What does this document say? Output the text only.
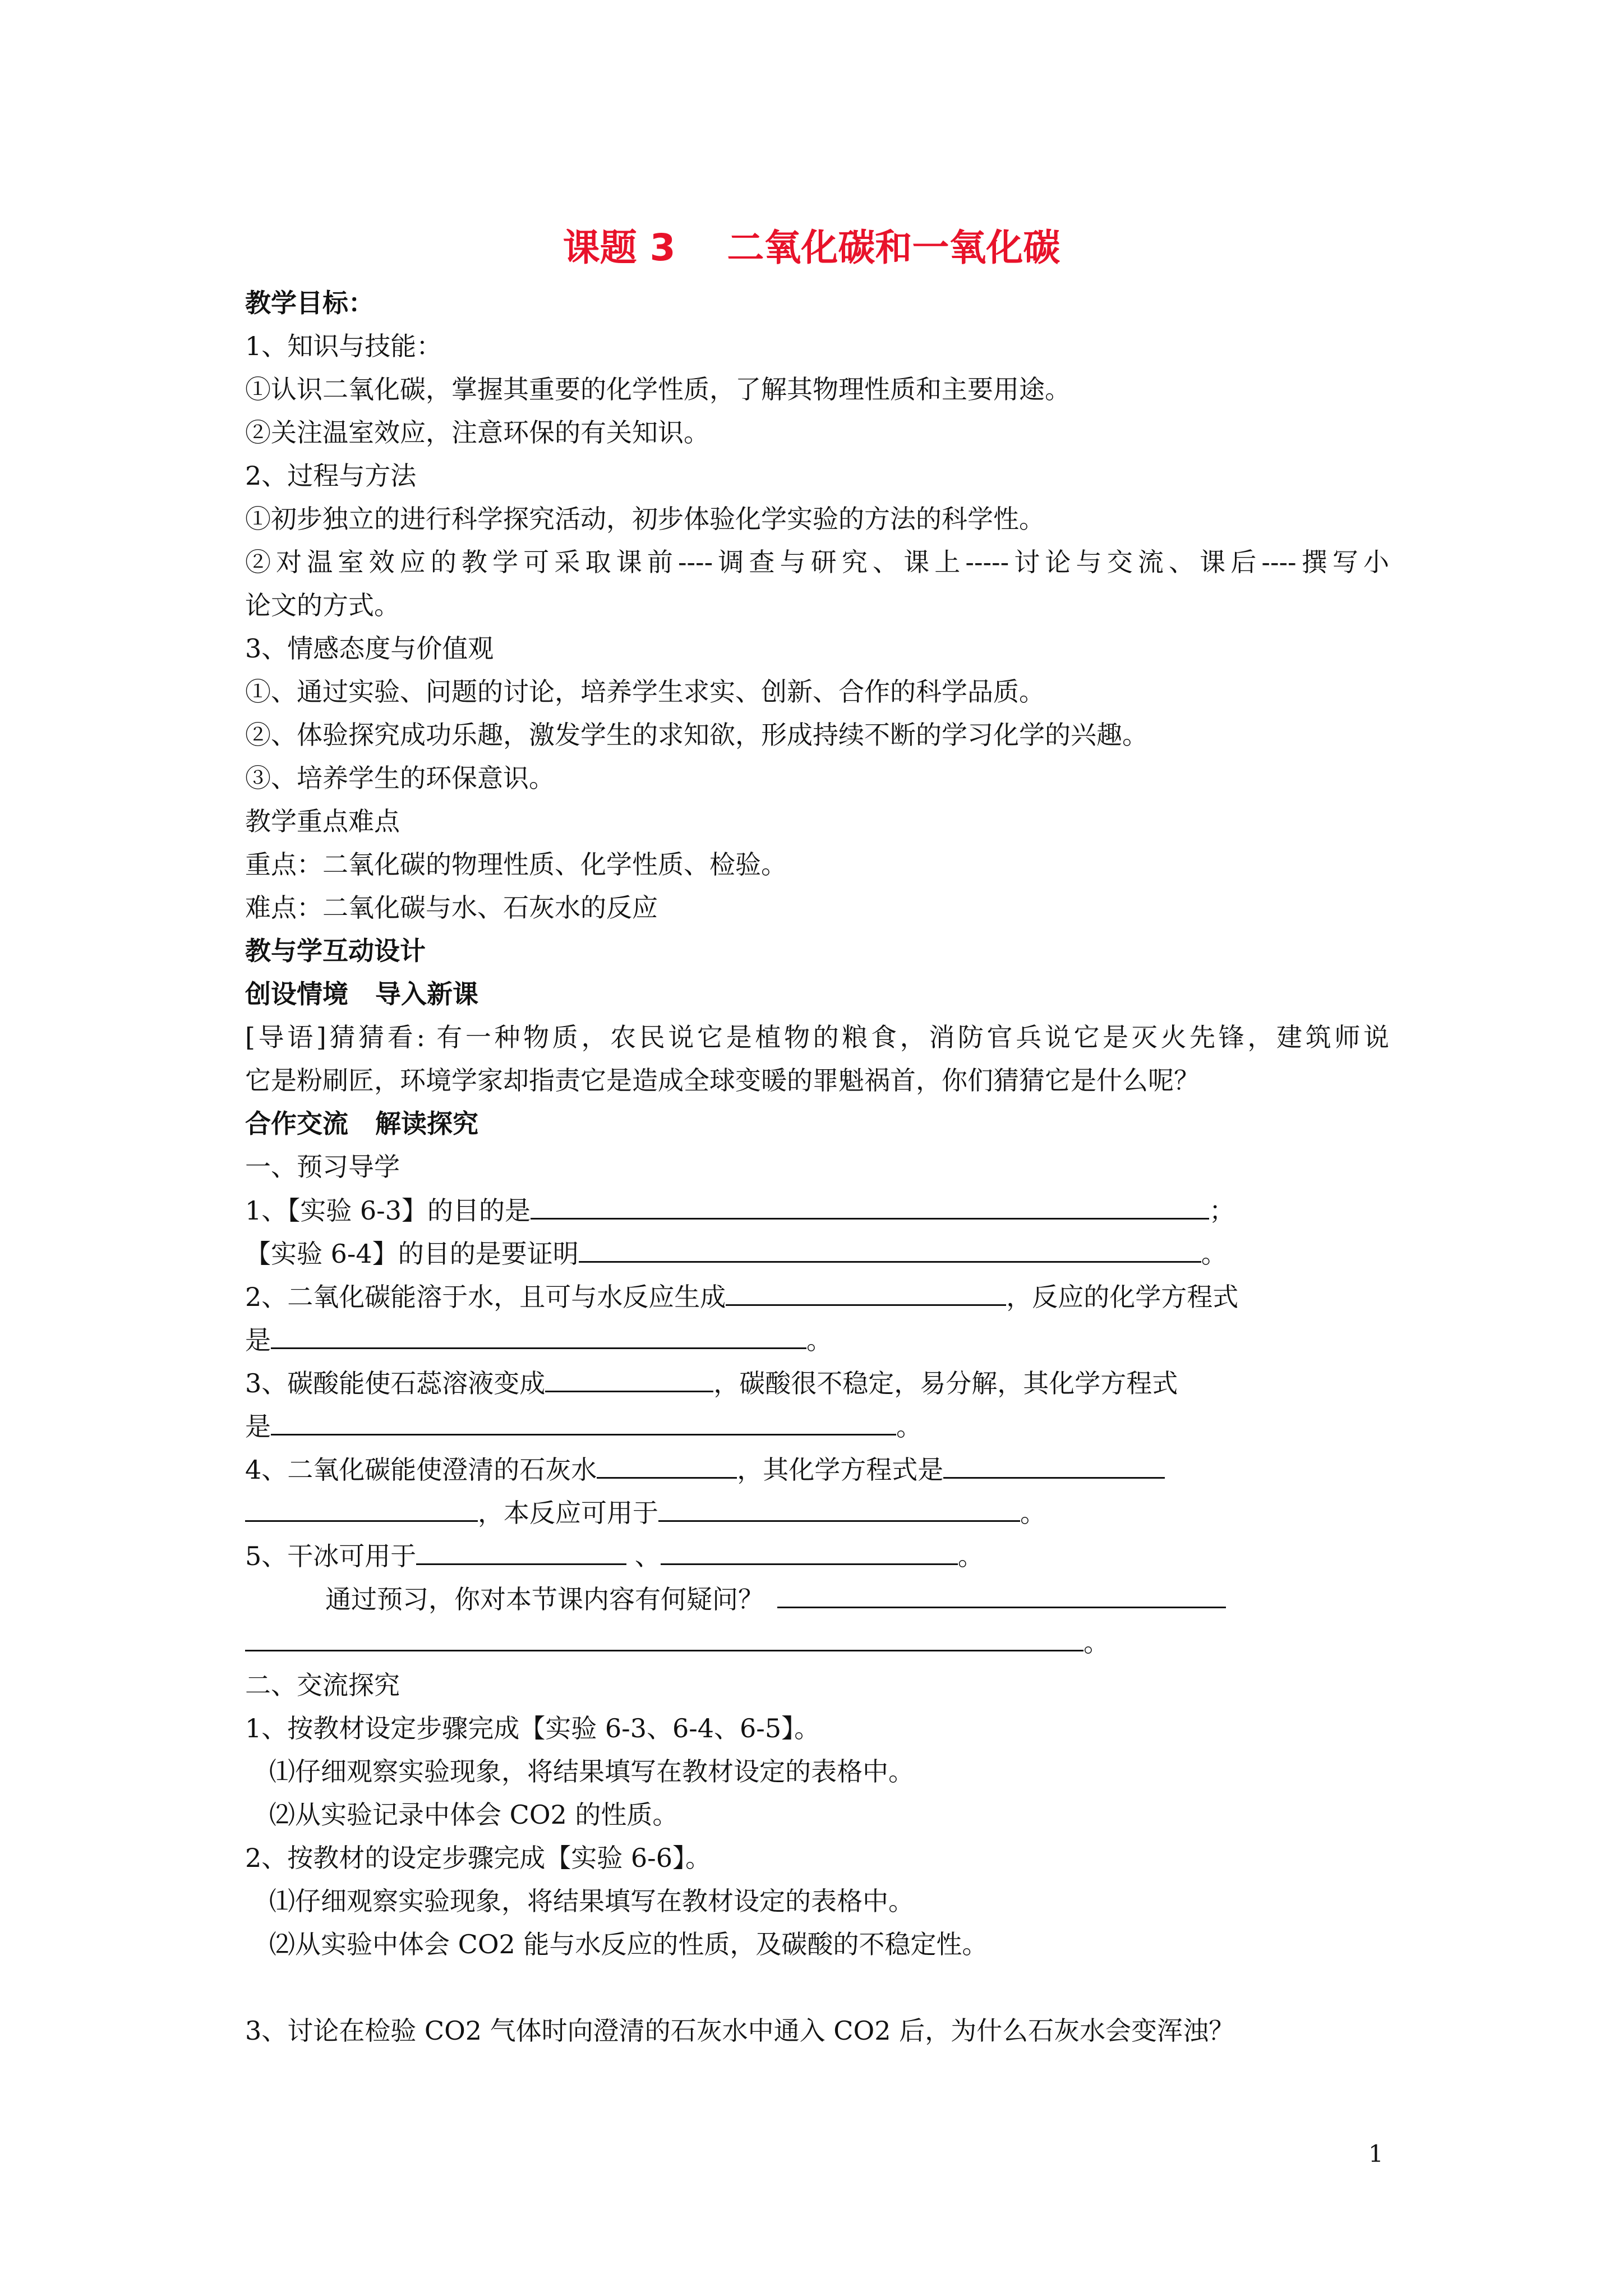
课题 3    二氧化碳和一氧化碳
教学目标：
1、知识与技能：
①认识二氧化碳，掌握其重要的化学性质，了解其物理性质和主要用途。
②关注温室效应，注意环保的有关知识。
2、过程与方法
①初步独立的进行科学探究活动，初步体验化学实验的方法的科学性。
②对温室效应的教学可采取课前----调查与研究、课上-----讨论与交流、课后----撰写小
论文的方式。
3、情感态度与价值观
①、通过实验、问题的讨论，培养学生求实、创新、合作的科学品质。
②、体验探究成功乐趣，激发学生的求知欲，形成持续不断的学习化学的兴趣。
③、培养学生的环保意识。
教学重点难点
重点：二氧化碳的物理性质、化学性质、检验。
难点：二氧化碳与水、石灰水的反应
教与学互动设计
创设情境   导入新课
[导语]猜猜看: 有一种物质，农民说它是植物的粮食，消防官兵说它是灭火先锋，建筑师说
它是粉刷匠，环境学家却指责它是造成全球变暖的罪魁祸首，你们猜猜它是什么呢？
合作交流   解读探究
一、预习导学
1、【实验 6-3】的目的是	；
【实验 6-4】的目的是要证明	。
2、二氧化碳能溶于水，且可与水反应生成	，反应的化学方程式
是	。
3、碳酸能使石蕊溶液变成	，碳酸很不稳定，易分解，其化学方程式
是	。
4、二氧化碳能使澄清的石灰水	，其化学方程式是
，本反应可用于	。
5、干冰可用于	、	。
通过预习，你对本节课内容有何疑问？
。
二、交流探究
1、按教材设定步骤完成【实验 6-3、6-4、6-5】。
⑴仔细观察实验现象，将结果填写在教材设定的表格中。
⑵从实验记录中体会 CO2 的性质。
2、按教材的设定步骤完成【实验 6-6】。
⑴仔细观察实验现象，将结果填写在教材设定的表格中。
⑵从实验中体会 CO2 能与水反应的性质，及碳酸的不稳定性。
3、讨论在检验 CO2 气体时向澄清的石灰水中通入 CO2 后，为什么石灰水会变浑浊？
1
